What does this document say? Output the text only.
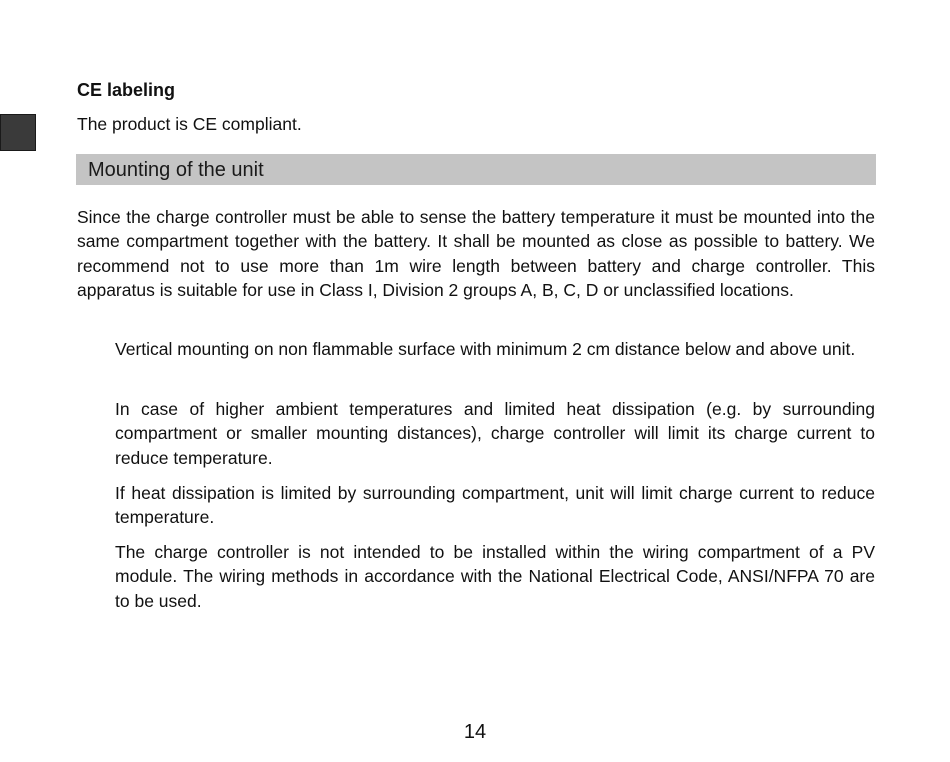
CE labeling
The product is CE compliant.
Mounting of the unit

Since the charge controller must be able to sense the battery temperature it must be mounted into the same compartment together with the battery. It shall be mounted as close as possible to battery. We recommend not to use more than 1m wire length between battery and charge controller. This apparatus is suitable for use in Class I, Division 2 groups A, B, C, D or unclassified locations.

Vertical mounting on non flammable surface with minimum 2 cm distance below and above unit.

In case of higher ambient temperatures and limited heat dissipation (e.g. by surrounding compartment or smaller mounting distances), charge controller will limit its charge current to reduce temperature.

If heat dissipation is limited by surrounding compartment, unit will limit charge current to reduce temperature.

The charge controller is not intended to be installed within the wiring compartment of a PV module. The wiring methods in accordance with the National Electrical Code, ANSI/NFPA 70 are to be used.

14
